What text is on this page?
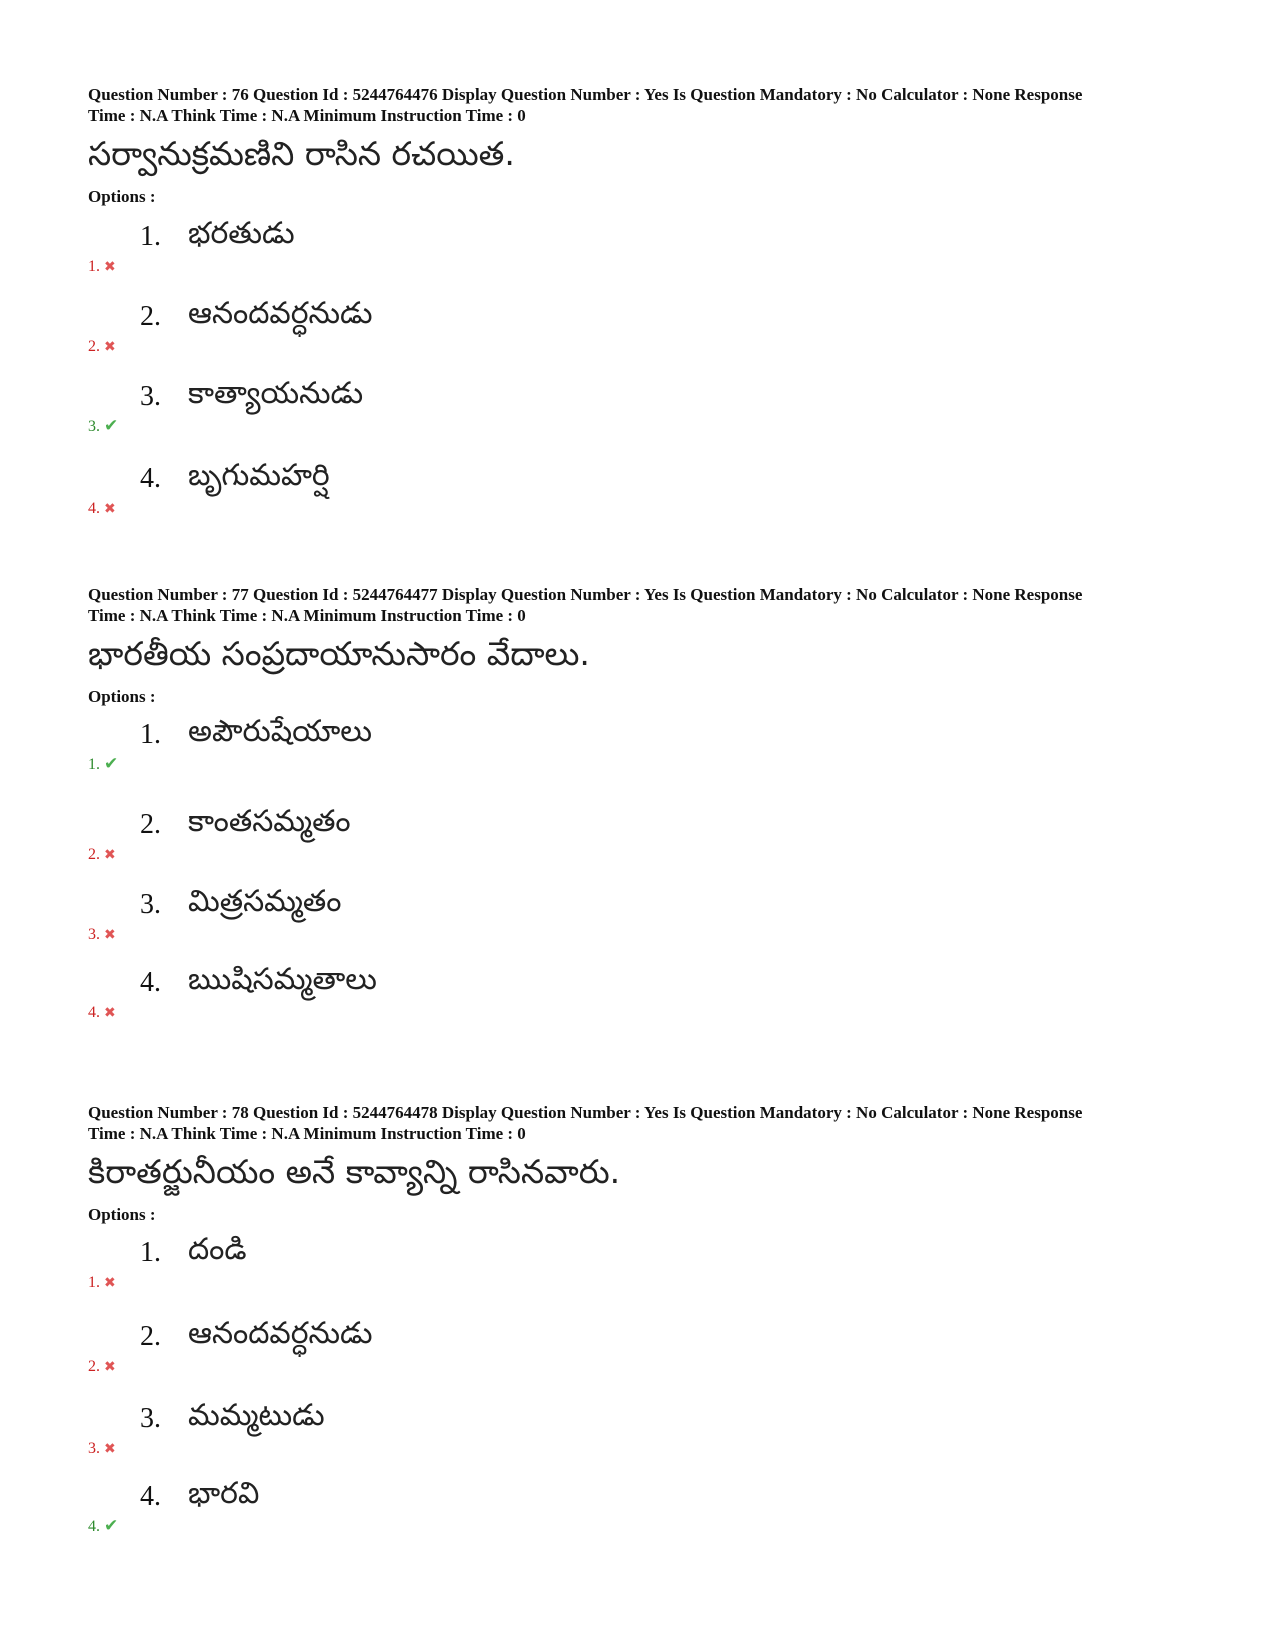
Question Number : 76 Question Id : 5244764476 Display Question Number : Yes Is Question Mandatory : No Calculator : None Response

Time : N.A Think Time : N.A Minimum Instruction Time : 0

సర్వానుక్రమణిని రాసిన రచయిత.
Options :
1. ✖
1. భరతుడు
2. ✖
2. ఆనందవర్ధనుడు
3. ✔
3. కాత్యాయనుడు
4. ✖
4. బృగుమహర్షి

Question Number : 77 Question Id : 5244764477 Display Question Number : Yes Is Question Mandatory : No Calculator : None Response

Time : N.A Think Time : N.A Minimum Instruction Time : 0

భారతీయ సంప్రదాయానుసారం వేదాలు.
Options :
1. ✔
1. అపౌరుషేయాలు
2. ✖
2. కాంతసమ్మతం
3. ✖
3. మిత్రసమ్మతం
4. ✖
4. ఋషిసమ్మతాలు

Question Number : 78 Question Id : 5244764478 Display Question Number : Yes Is Question Mandatory : No Calculator : None Response

Time : N.A Think Time : N.A Minimum Instruction Time : 0

కిరాతర్జునీయం అనే కావ్యాన్ని రాసినవారు.
Options :
1. ✖
1. దండి
2. ✖
2. ఆనందవర్ధనుడు
3. ✖
3. మమ్మటుడు
4. ✔
4. భారవి
